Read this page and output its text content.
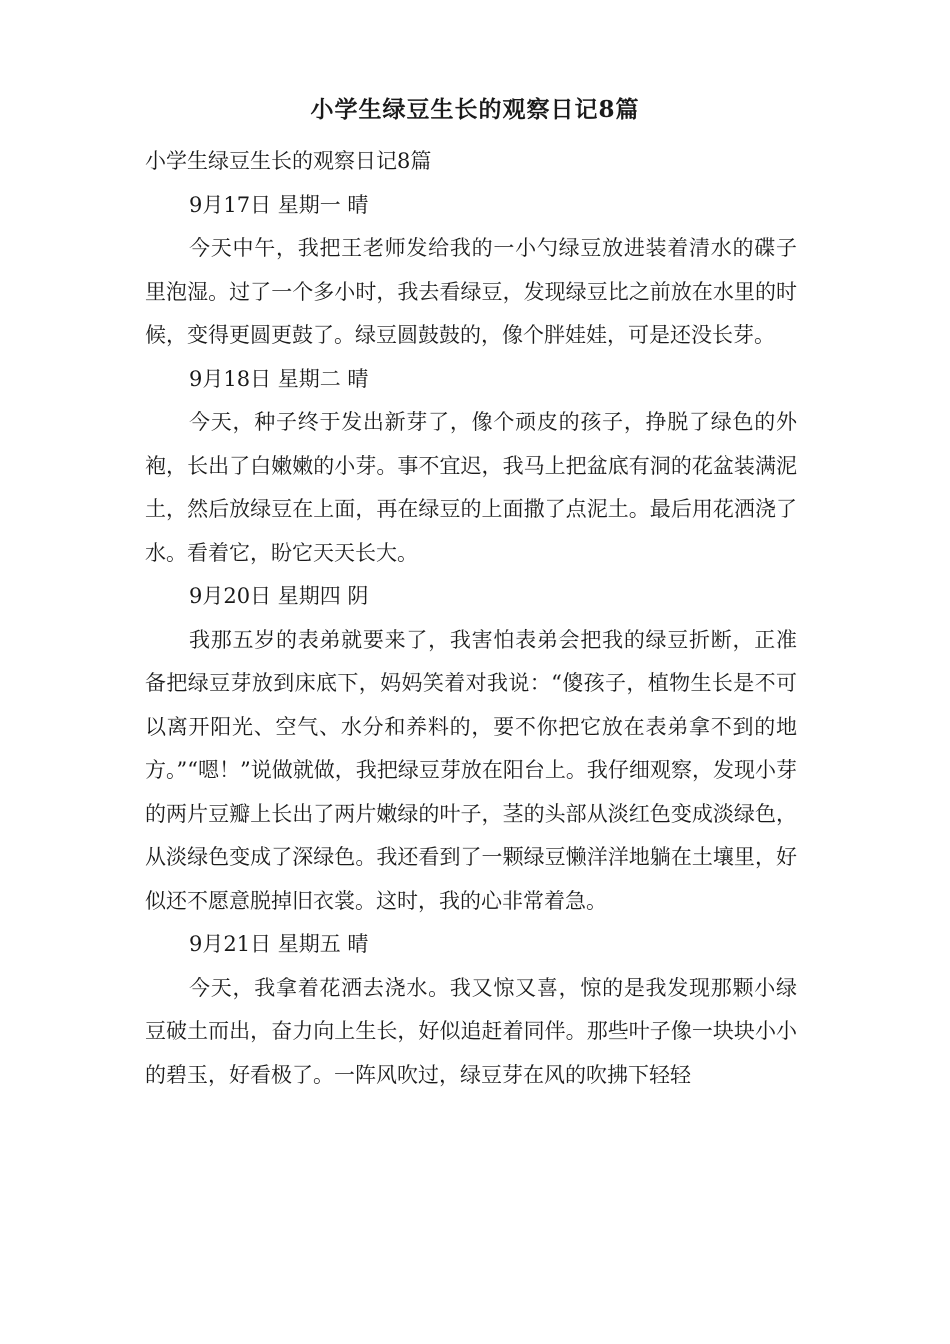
小学生绿豆生长的观察日记8篇

小学生绿豆生长的观察日记8篇

9月17日 星期一 晴

今天中午，我把王老师发给我的一小勺绿豆放进装着清水的碟子里泡湿。过了一个多小时，我去看绿豆，发现绿豆比之前放在水里的时候，变得更圆更鼓了。绿豆圆鼓鼓的，像个胖娃娃，可是还没长芽。

9月18日 星期二 晴

今天，种子终于发出新芽了，像个顽皮的孩子，挣脱了绿色的外袍，长出了白嫩嫩的小芽。事不宜迟，我马上把盆底有洞的花盆装满泥土，然后放绿豆在上面，再在绿豆的上面撒了点泥土。最后用花洒浇了水。看着它，盼它天天长大。

9月20日 星期四 阴

我那五岁的表弟就要来了，我害怕表弟会把我的绿豆折断，正准备把绿豆芽放到床底下，妈妈笑着对我说：“傻孩子，植物生长是不可以离开阳光、空气、水分和养料的，要不你把它放在表弟拿不到的地方。”“嗯！”说做就做，我把绿豆芽放在阳台上。我仔细观察，发现小芽的两片豆瓣上长出了两片嫩绿的叶子，茎的头部从淡红色变成淡绿色，从淡绿色变成了深绿色。我还看到了一颗绿豆懒洋洋地躺在土壤里，好似还不愿意脱掉旧衣裳。这时，我的心非常着急。

9月21日 星期五 晴

今天，我拿着花洒去浇水。我又惊又喜，惊的是我发现那颗小绿豆破土而出，奋力向上生长，好似追赶着同伴。那些叶子像一块块小小的碧玉，好看极了。一阵风吹过，绿豆芽在风的吹拂下轻轻
